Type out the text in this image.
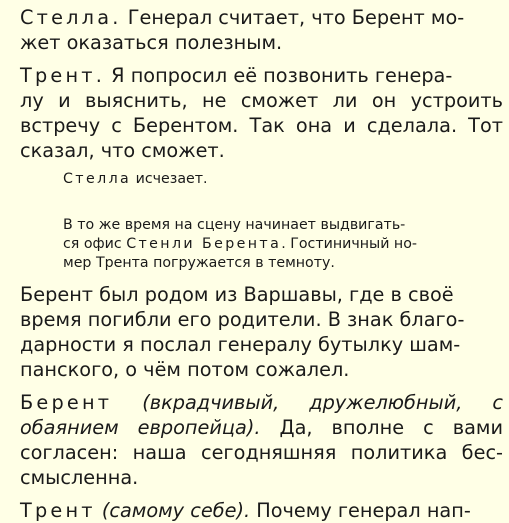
Стелла. Генерал считает, что Берент мо-
жет оказаться полезным.
Трент. Я попросил её позвонить генера-
лу и выяснить, не сможет ли он устроить
встречу с Берентом. Так она и сделала. Тот
сказал, что сможет.
Стелла исчезает.
В то же время на сцену начинает выдвигать-
ся офис Стенли Берента. Гостиничный но-
мер Трента погружается в темноту.
Берент был родом из Варшавы, где в своё
время погибли его родители. В знак благо-
дарности я послал генералу бутылку шам-
панского, о чём потом сожалел.
Берент (вкрадчивый, дружелюбный, с
обаянием европейца). Да, вполне с вами
согласен: наша сегодняшняя политика бес-
смысленна.
Трент (самому себе). Почему генерал нап-
